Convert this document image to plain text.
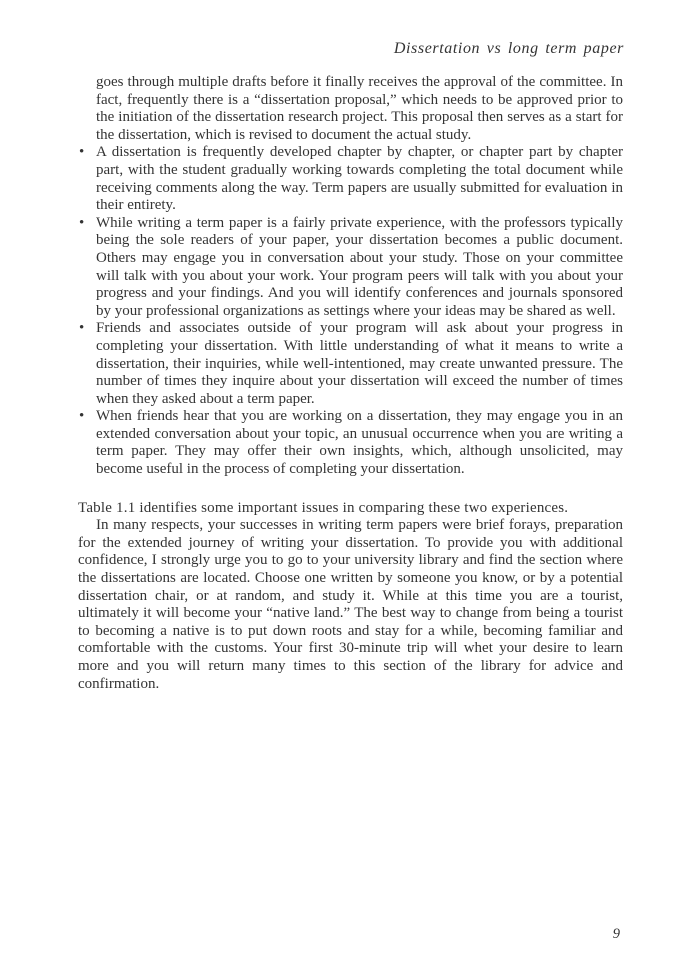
Dissertation vs long term paper

goes through multiple drafts before it finally receives the approval of the committee. In fact, frequently there is a “dissertation proposal,” which needs to be approved prior to the initiation of the dissertation research project. This proposal then serves as a start for the dissertation, which is revised to document the actual study.

• A dissertation is frequently developed chapter by chapter, or chapter part by chapter part, with the student gradually working towards completing the total document while receiving comments along the way. Term papers are usually submitted for evaluation in their entirety.
• While writing a term paper is a fairly private experience, with the professors typically being the sole readers of your paper, your dissertation becomes a public document. Others may engage you in conversation about your study. Those on your committee will talk with you about your work. Your program peers will talk with you about your progress and your findings. And you will identify conferences and journals sponsored by your professional organizations as settings where your ideas may be shared as well.
• Friends and associates outside of your program will ask about your progress in completing your dissertation. With little understanding of what it means to write a dissertation, their inquiries, while well-intentioned, may create unwanted pressure. The number of times they inquire about your dissertation will exceed the number of times when they asked about a term paper.
• When friends hear that you are working on a dissertation, they may engage you in an extended conversation about your topic, an unusual occurrence when you are writing a term paper. They may offer their own insights, which, although unsolicited, may become useful in the process of completing your dissertation.

Table 1.1 identifies some important issues in comparing these two experiences.

In many respects, your successes in writing term papers were brief forays, preparation for the extended journey of writing your dissertation. To provide you with additional confidence, I strongly urge you to go to your university library and find the section where the dissertations are located. Choose one written by someone you know, or by a potential dissertation chair, or at random, and study it. While at this time you are a tourist, ultimately it will become your “native land.” The best way to change from being a tourist to becoming a native is to put down roots and stay for a while, becoming familiar and comfortable with the customs. Your first 30-minute trip will whet your desire to learn more and you will return many times to this section of the library for advice and confirmation.

9
